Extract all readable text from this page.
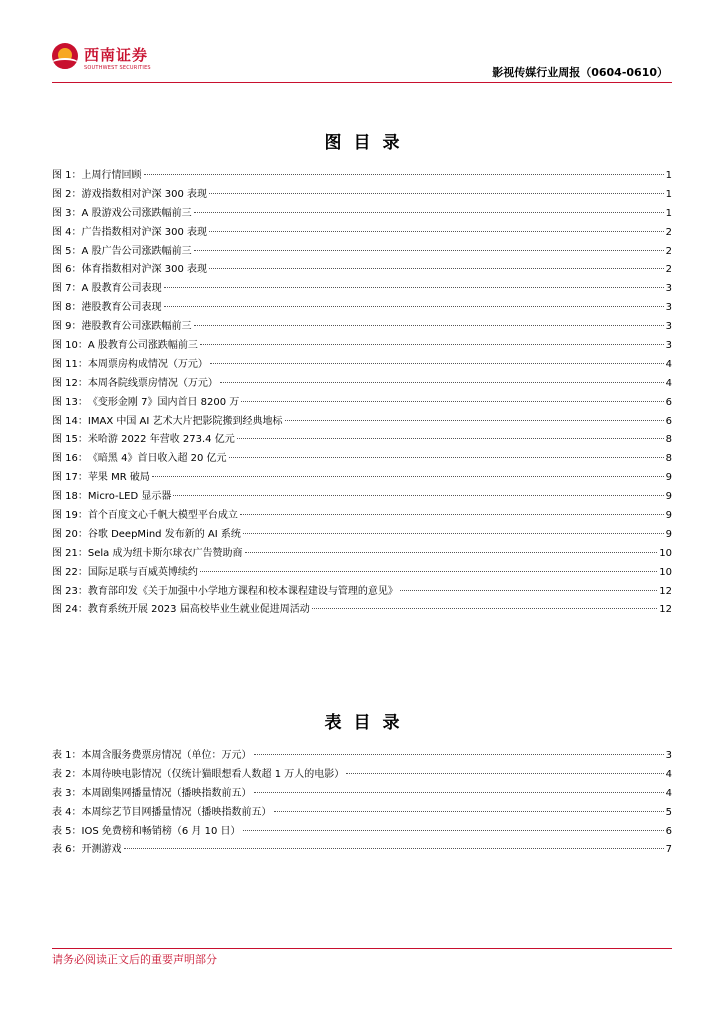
西南证券
SOUTHWEST SECURITIES	影视传媒行业周报（0604-0610）
图目录
图 1： 上周行情回顾	1
图 2： 游戏指数相对沪深 300 表现	1
图 3： A 股游戏公司涨跌幅前三	1
图 4： 广告指数相对沪深 300 表现	2
图 5： A 股广告公司涨跌幅前三	2
图 6： 体育指数相对沪深 300 表现	2
图 7： A 股教育公司表现	3
图 8： 港股教育公司表现	3
图 9： 港股教育公司涨跌幅前三	3
图 10： A 股教育公司涨跌幅前三	3
图 11： 本周票房构成情况（万元）	4
图 12： 本周各院线票房情况（万元）	4
图 13： 《变形金刚 7》国内首日 8200 万	6
图 14： IMAX 中国 AI 艺术大片把影院搬到经典地标	6
图 15： 米哈游 2022 年营收 273.4 亿元	8
图 16： 《暗黑 4》首日收入超 20 亿元	8
图 17： 苹果 MR 破局	9
图 18： Micro-LED 显示器	9
图 19： 首个百度文心千帆大模型平台成立	9
图 20： 谷歌 DeepMind 发布新的 AI 系统	9
图 21： Sela 成为纽卡斯尔球衣广告赞助商	10
图 22： 国际足联与百威英博续约	10
图 23： 教育部印发《关于加强中小学地方课程和校本课程建设与管理的意见》	12
图 24： 教育系统开展 2023 届高校毕业生就业促进周活动	12
表目录
表 1： 本周含服务费票房情况（单位：万元）	3
表 2： 本周待映电影情况（仅统计猫眼想看人数超 1 万人的电影）	4
表 3： 本周剧集网播量情况（播映指数前五）	4
表 4： 本周综艺节目网播量情况（播映指数前五）	5
表 5： IOS 免费榜和畅销榜（6 月 10 日）	6
表 6： 开测游戏	7
请务必阅读正文后的重要声明部分
